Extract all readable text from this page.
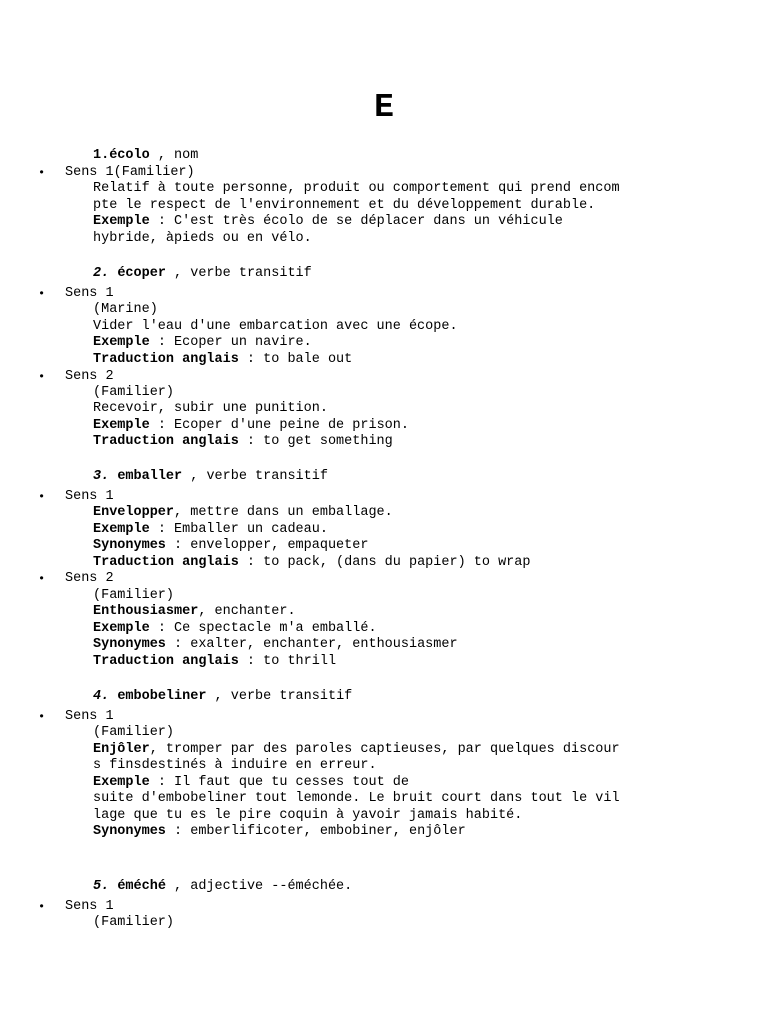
E
1.écolo , nom
• Sens 1(Familier)
Relatif à toute personne, produit ou comportement qui prend encom
pte le respect de l'environnement et du développement durable.
Exemple : C'est très écolo de se déplacer dans un véhicule
hybride, àpieds ou en vélo.
2. écoper , verbe transitif
• Sens 1
(Marine)
Vider l'eau d'une embarcation avec une écope.
Exemple : Ecoper un navire.
Traduction anglais : to bale out
• Sens 2
(Familier)
Recevoir, subir une punition.
Exemple : Ecoper d'une peine de prison.
Traduction anglais : to get something
3. emballer , verbe transitif
• Sens 1
Envelopper, mettre dans un emballage.
Exemple : Emballer un cadeau.
Synonymes : envelopper, empaqueter
Traduction anglais : to pack, (dans du papier) to wrap
• Sens 2
(Familier)
Enthousiasmer, enchanter.
Exemple : Ce spectacle m'a emballé.
Synonymes : exalter, enchanter, enthousiasmer
Traduction anglais : to thrill
4. embobeliner , verbe transitif
• Sens 1
(Familier)
Enjôler, tromper par des paroles captieuses, par quelques discour
s finsdestinés à induire en erreur.
Exemple : Il faut que tu cesses tout de
suite d'embobeliner tout lemonde. Le bruit court dans tout le vil
lage que tu es le pire coquin à yavoir jamais habité.
Synonymes : emberlificoter, embobiner, enjôler
5. éméché , adjective --éméchée.
• Sens 1
(Familier)
